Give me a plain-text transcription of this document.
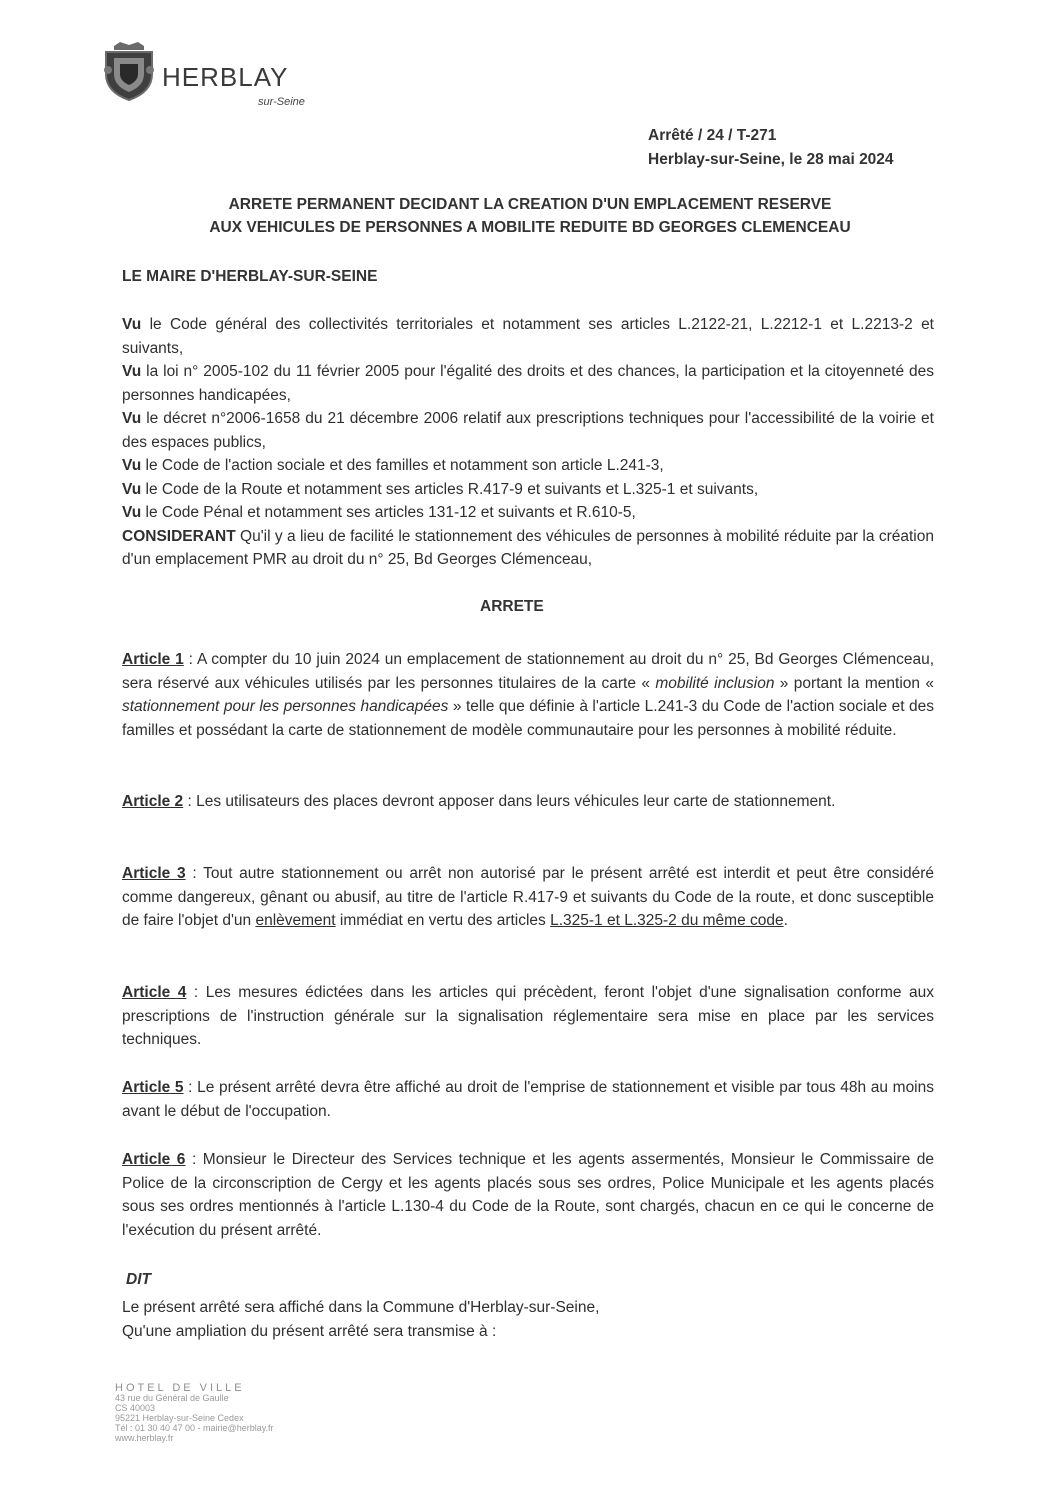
HERBLAY
sur-Seine
Arrêté / 24 / T-271
Herblay-sur-Seine, le 28 mai 2024
ARRETE PERMANENT DECIDANT LA CREATION D'UN EMPLACEMENT RESERVE
AUX VEHICULES DE PERSONNES A MOBILITE REDUITE BD GEORGES CLEMENCEAU
LE MAIRE D'HERBLAY-SUR-SEINE

Vu le Code général des collectivités territoriales et notamment ses articles L.2122-21, L.2212-1 et L.2213-2 et suivants,

Vu la loi n° 2005-102 du 11 février 2005 pour l'égalité des droits et des chances, la participation et la citoyenneté des personnes handicapées,

Vu le décret n°2006-1658 du 21 décembre 2006 relatif aux prescriptions techniques pour l'accessibilité de la voirie et des espaces publics,

Vu le Code de l'action sociale et des familles et notamment son article L.241-3,

Vu le Code de la Route et notamment ses articles R.417-9 et suivants et L.325-1 et suivants,

Vu le Code Pénal et notamment ses articles 131-12 et suivants et R.610-5,

CONSIDERANT Qu'il y a lieu de facilité le stationnement des véhicules de personnes à mobilité réduite par la création d'un emplacement PMR au droit du n° 25, Bd Georges Clémenceau,

ARRETE

Article 1 : A compter du 10 juin 2024 un emplacement de stationnement au droit du n° 25, Bd Georges Clémenceau, sera réservé aux véhicules utilisés par les personnes titulaires de la carte « mobilité inclusion » portant la mention « stationnement pour les personnes handicapées » telle que définie à l'article L.241-3 du Code de l'action sociale et des familles et possédant la carte de stationnement de modèle communautaire pour les personnes à mobilité réduite.

Article 2 : Les utilisateurs des places devront apposer dans leurs véhicules leur carte de stationnement.

Article 3 : Tout autre stationnement ou arrêt non autorisé par le présent arrêté est interdit et peut être considéré comme dangereux, gênant ou abusif, au titre de l'article R.417-9 et suivants du Code de la route, et donc susceptible de faire l'objet d'un enlèvement immédiat en vertu des articles L.325-1 et L.325-2 du même code.

Article 4 : Les mesures édictées dans les articles qui précèdent, feront l'objet d'une signalisation conforme aux prescriptions de l'instruction générale sur la signalisation réglementaire sera mise en place par les services techniques.

Article 5 : Le présent arrêté devra être affiché au droit de l'emprise de stationnement et visible par tous 48h au moins avant le début de l'occupation.

Article 6 : Monsieur le Directeur des Services technique et les agents assermentés, Monsieur le Commissaire de Police de la circonscription de Cergy et les agents placés sous ses ordres, Police Municipale et les agents placés sous ses ordres mentionnés à l'article L.130-4 du Code de la Route, sont chargés, chacun en ce qui le concerne de l'exécution du présent arrêté.

DIT

Le présent arrêté sera affiché dans la Commune d'Herblay-sur-Seine,

Qu'une ampliation du présent arrêté sera transmise à :

HOTEL DE VILLE
43 rue du Général de Gaulle
CS 40003
95221 Herblay-sur-Seine Cedex
Tél : 01 30 40 47 00 - mairie@herblay.fr
www.herblay.fr
